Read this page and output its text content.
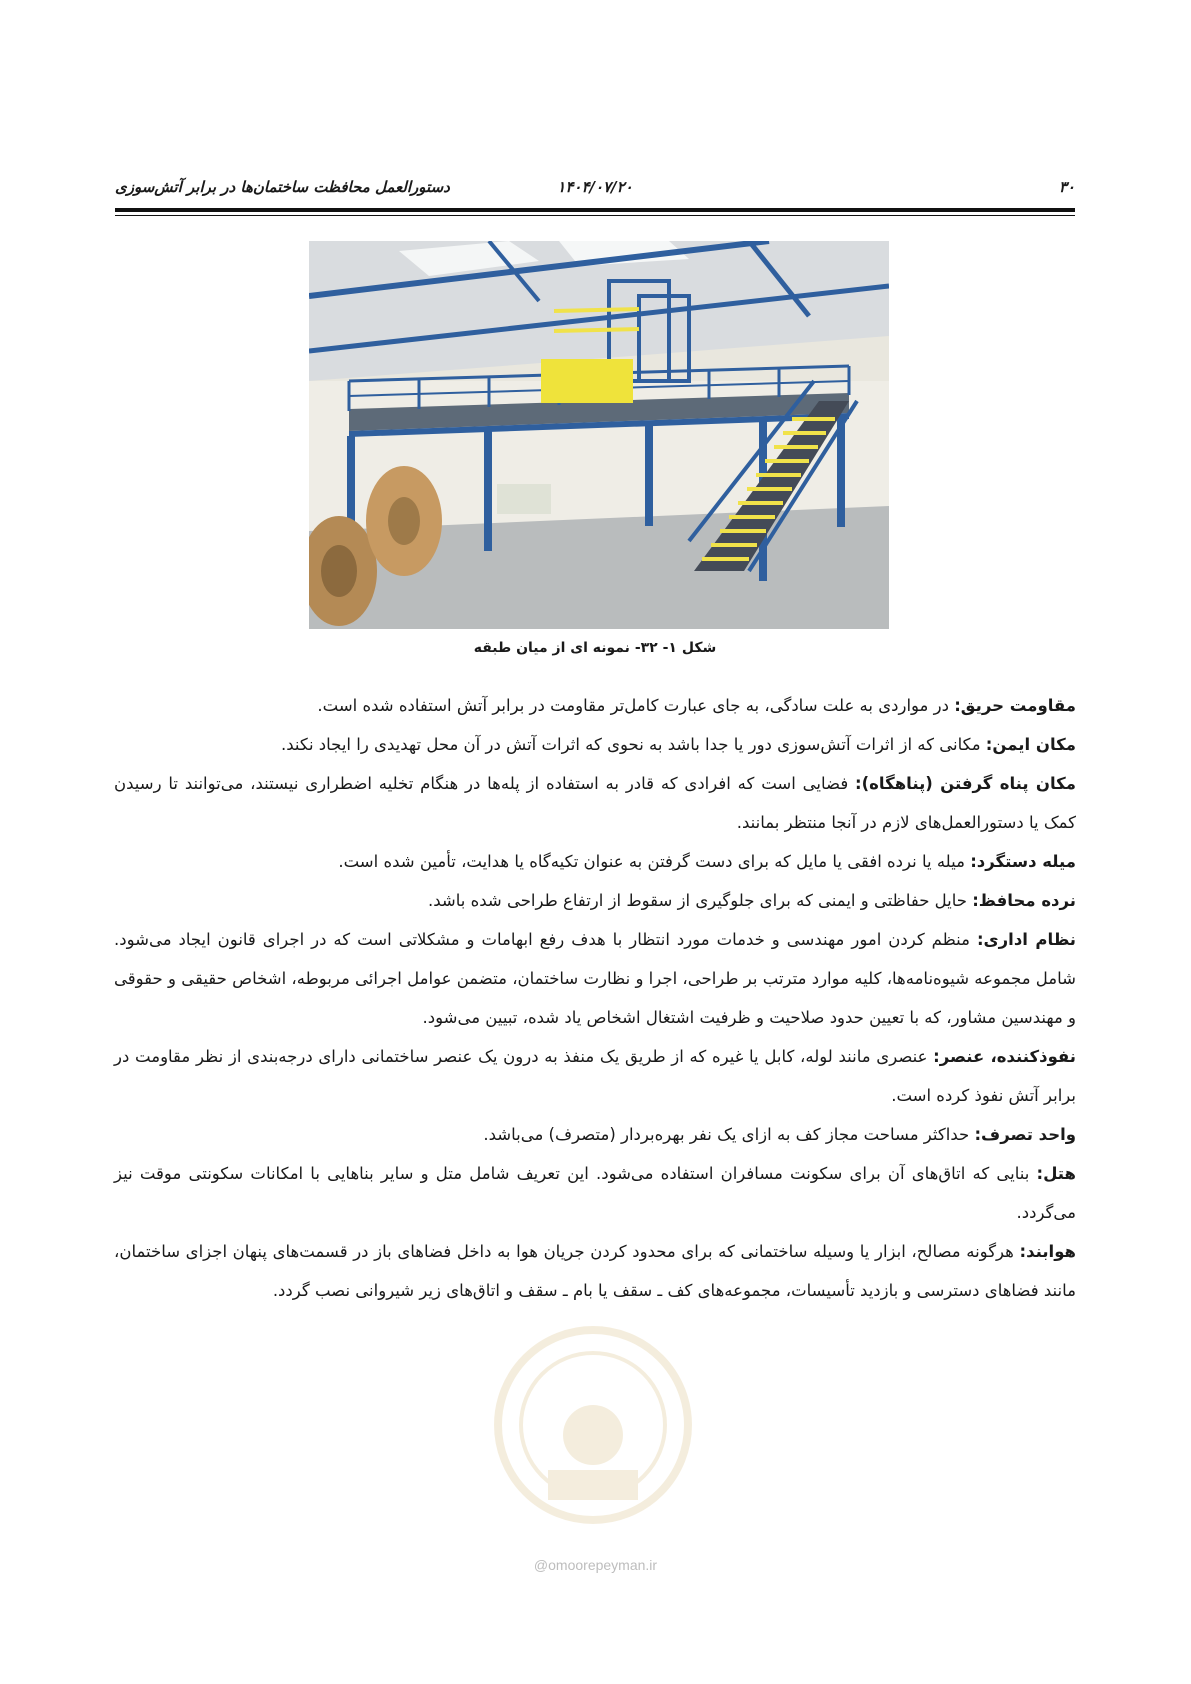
۳۰
۱۴۰۴/۰۷/۲۰
دستورالعمل محافظت ساختمان‌ها در برابر آتش‌سوزی
شکل ۱- ۳۲- نمونه ای از میان طبقه

مقاومت حریق: در مواردی به علت سادگی، به جای عبارت کامل‌تر مقاومت در برابر آتش استفاده شده است.

مکان ایمن: مکانی که از اثرات آتش‌سوزی دور یا جدا باشد به نحوی که اثرات آتش در آن محل تهدیدی را ایجاد نکند.

مکان پناه گرفتن (پناهگاه): فضایی است که افرادی که قادر به استفاده از پله‌ها در هنگام تخلیه اضطراری نیستند، می‌توانند تا رسیدن کمک یا دستورالعمل‌های لازم در آنجا منتظر بمانند.

میله دستگرد: میله یا نرده افقی یا مایل که برای دست گرفتن به عنوان تکیه‌گاه یا هدایت، تأمین شده است.

نرده محافظ: حایل حفاظتی و ایمنی که برای جلوگیری از سقوط از ارتفاع طراحی شده باشد.

نظام اداری: منظم کردن امور مهندسی و خدمات مورد انتظار با هدف رفع ابهامات و مشکلاتی است که در اجرای قانون ایجاد می‌شود. شامل مجموعه شیوه‌نامه‌ها، کلیه موارد مترتب بر طراحی، اجرا و نظارت ساختمان، متضمن عوامل اجرائی مربوطه، اشخاص حقیقی و حقوقی و مهندسین مشاور، که با تعیین حدود صلاحیت و ظرفیت اشتغال اشخاص یاد شده، تبیین می‌شود.

نفوذکننده، عنصر: عنصری مانند لوله، کابل یا غیره که از طریق یک منفذ به درون یک عنصر ساختمانی دارای درجه‌بندی از نظر مقاومت در برابر آتش نفوذ کرده است.

واحد تصرف: حداکثر مساحت مجاز کف به ازای یک نفر بهره‌بردار (متصرف) می‌باشد.

هتل: بنایی که اتاق‌های آن برای سکونت مسافران استفاده می‌شود. این تعریف شامل متل و سایر بناهایی با امکانات سکونتی موقت نیز می‌گردد.

هوابند: هرگونه مصالح، ابزار یا وسیله ساختمانی که برای محدود کردن جریان هوا به داخل فضاهای باز در قسمت‌های پنهان اجزای ساختمان، مانند فضاهای دسترسی و بازدید تأسیسات، مجموعه‌های کف ـ سقف یا بام ـ سقف و اتاق‌های زیر شیروانی نصب گردد.

@omoorepeyman.ir
